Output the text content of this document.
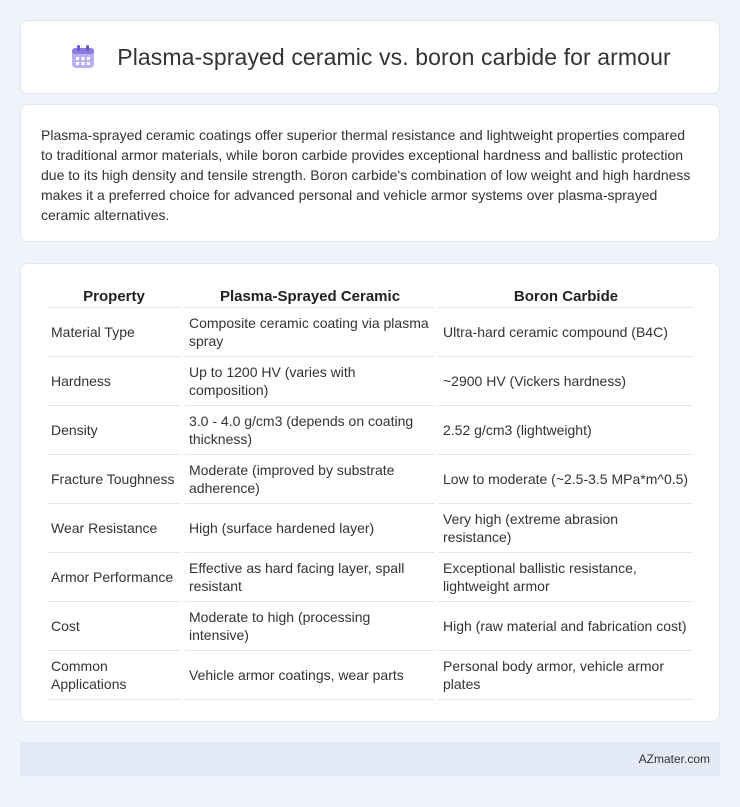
Plasma-sprayed ceramic vs. boron carbide for armour

Plasma-sprayed ceramic coatings offer superior thermal resistance and lightweight properties compared to traditional armor materials, while boron carbide provides exceptional hardness and ballistic protection due to its high density and tensile strength. Boron carbide's combination of low weight and high hardness makes it a preferred choice for advanced personal and vehicle armor systems over plasma-sprayed ceramic alternatives.

Property	Plasma-Sprayed Ceramic	Boron Carbide
Material Type	Composite ceramic coating via plasma spray	Ultra-hard ceramic compound (B4C)
Hardness	Up to 1200 HV (varies with composition)	~2900 HV (Vickers hardness)
Density	3.0 - 4.0 g/cm3 (depends on coating thickness)	2.52 g/cm3 (lightweight)
Fracture Toughness	Moderate (improved by substrate adherence)	Low to moderate (~2.5-3.5 MPa*m^0.5)
Wear Resistance	High (surface hardened layer)	Very high (extreme abrasion resistance)
Armor Performance	Effective as hard facing layer, spall resistant	Exceptional ballistic resistance, lightweight armor
Cost	Moderate to high (processing intensive)	High (raw material and fabrication cost)
Common Applications	Vehicle armor coatings, wear parts	Personal body armor, vehicle armor plates
AZmater.com
